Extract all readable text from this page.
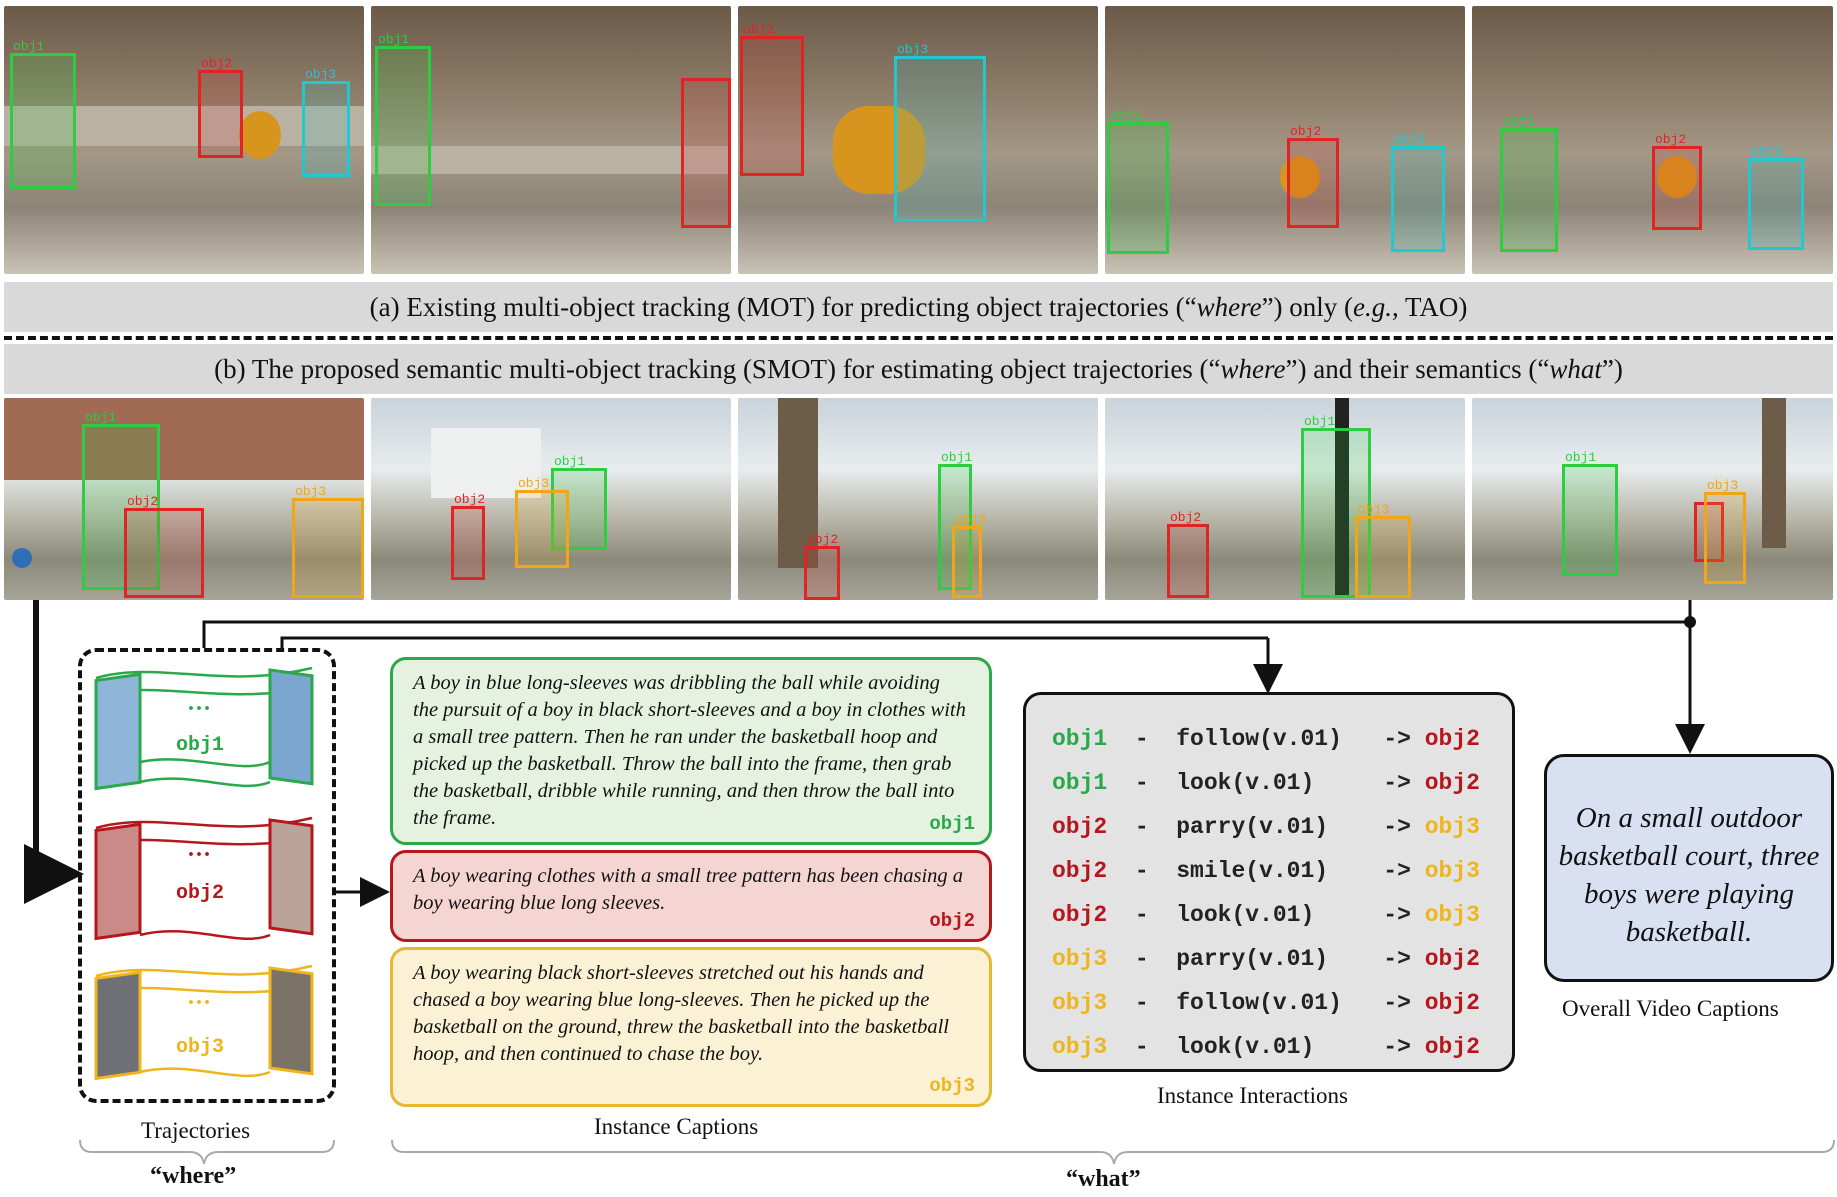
obj1
obj2
obj3
obj1
obj2
obj3
obj1
obj2
obj3
obj1
obj2
obj3
(a) Existing multi-object tracking (MOT) for predicting object trajectories (“where”) only (e.g., TAO)
(b) The proposed semantic multi-object tracking (SMOT) for estimating object trajectories (“where”) and their semantics (“what”)
obj1
obj2
obj3
obj1
obj2
obj3
obj1
obj2
obj3
obj1
obj2
obj3
obj1
obj3
...
obj1
...
obj2
...
obj3
A boy in blue long-sleeves was dribbling the ball while avoiding the pursuit of a boy in black short-sleeves and a boy in clothes with a small tree pattern. Then he ran under the basketball hoop and picked up the basketball. Throw the ball into the frame, then grab the basketball, dribble while running, and then throw the ball into the frame.	obj1
A boy wearing clothes with a small tree pattern has been chasing a boy wearing blue long sleeves.
obj2
A boy wearing black short-sleeves stretched out his hands and chased a boy wearing blue long-sleeves. Then he picked up the basketball on the ground, threw the basketball into the basketball hoop, and then continued to chase the boy.
obj3
obj1 - follow(v.01) -> obj2
obj1 - look(v.01)	-> obj2
obj2 - parry(v.01) -> obj3
obj2 - smile(v.01) -> obj3
obj2 - look(v.01)	-> obj3
obj3 - parry(v.01) -> obj2
obj3 - follow(v.01) -> obj2
obj3 - look(v.01)	-> obj2
On a small outdoor basketball court, three boys were playing basketball.
Trajectories	Instance Captions
Instance Interactions
Overall Video Captions
“where”	“what”
